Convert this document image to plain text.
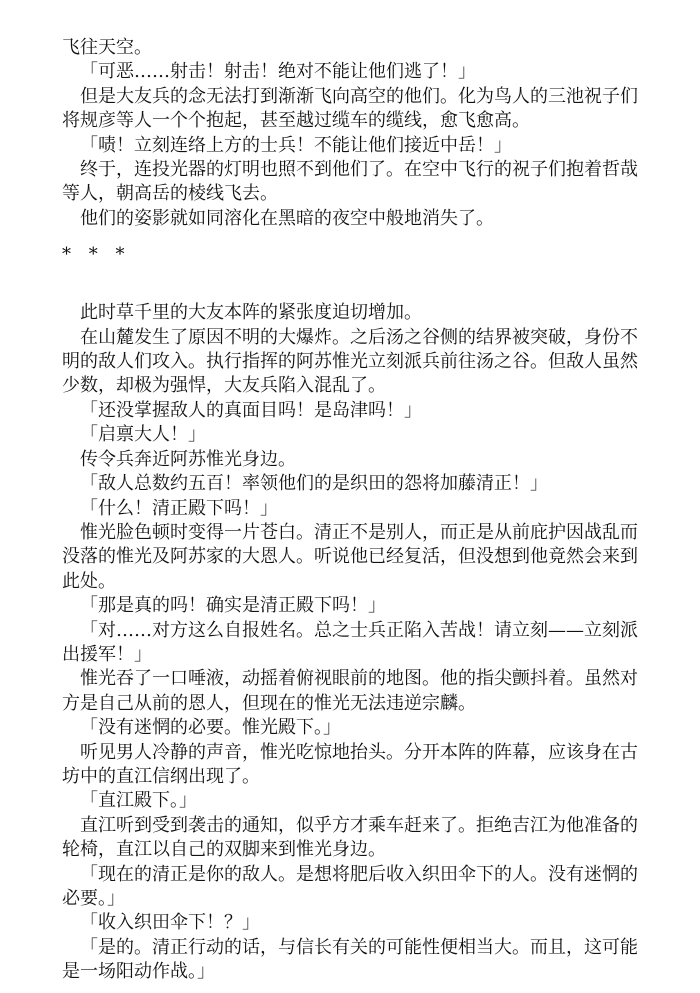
飞往天空。

「可恶……射击！射击！绝对不能让他们逃了！」

但是大友兵的念无法打到渐渐飞向高空的他们。化为鸟人的三池祝子们将规彦等人一个个抱起，甚至越过缆车的缆线，愈飞愈高。

「啧！立刻连络上方的士兵！不能让他们接近中岳！」

终于，连投光器的灯明也照不到他们了。在空中飞行的祝子们抱着哲哉等人，朝高岳的棱线飞去。

他们的姿影就如同溶化在黑暗的夜空中般地消失了。

* * *

此时草千里的大友本阵的紧张度迫切增加。

在山麓发生了原因不明的大爆炸。之后汤之谷侧的结界被突破，身份不明的敌人们攻入。执行指挥的阿苏惟光立刻派兵前往汤之谷。但敌人虽然少数，却极为强悍，大友兵陷入混乱了。

「还没掌握敌人的真面目吗！是岛津吗！」

「启禀大人！」

传令兵奔近阿苏惟光身边。

「敌人总数约五百！率领他们的是织田的怨将加藤清正！」

「什么！清正殿下吗！」

惟光脸色顿时变得一片苍白。清正不是别人，而正是从前庇护因战乱而没落的惟光及阿苏家的大恩人。听说他已经复活，但没想到他竟然会来到此处。

「那是真的吗！确实是清正殿下吗！」

「对……对方这么自报姓名。总之士兵正陷入苦战！请立刻——立刻派出援军！」

惟光吞了一口唾液，动摇着俯视眼前的地图。他的指尖颤抖着。虽然对方是自己从前的恩人，但现在的惟光无法违逆宗麟。

「没有迷惘的必要。惟光殿下。」

听见男人冷静的声音，惟光吃惊地抬头。分开本阵的阵幕，应该身在古坊中的直江信纲出现了。

「直江殿下。」

直江听到受到袭击的通知，似乎方才乘车赶来了。拒绝吉江为他准备的轮椅，直江以自己的双脚来到惟光身边。

「现在的清正是你的敌人。是想将肥后收入织田伞下的人。没有迷惘的必要。」

「收入织田伞下！？」

「是的。清正行动的话，与信长有关的可能性便相当大。而且，这可能是一场阳动作战。」
